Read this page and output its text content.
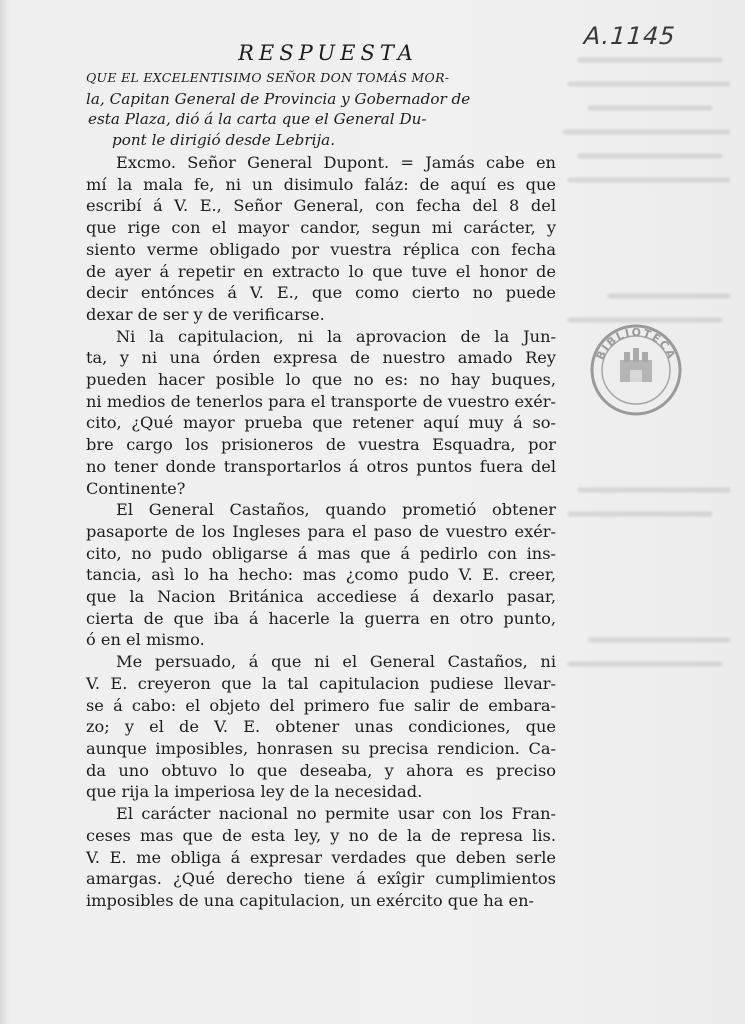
A.1145
BIBLIOTECA
RESPUESTA
QUE EL EXCELENTISIMO SEÑOR DON TOMÁS MOR-
la, Capitan General de Provincia y Gobernador de
esta Plaza, dió á la carta que el General Du-
pont le dirigió desde Lebrija.
Excmo. Señor General Dupont. = Jamás cabe en
mí la mala fe, ni un disimulo faláz: de aquí es que
escribí á V. E., Señor General, con fecha del 8 del
que rige con el mayor candor, segun mi carácter, y
siento verme obligado por vuestra réplica con fecha
de ayer á repetir en extracto lo que tuve el honor de
decir entónces á V. E., que como cierto no puede
dexar de ser y de verificarse.
Ni la capitulacion, ni la aprovacion de la Jun-
ta, y ni una órden expresa de nuestro amado Rey
pueden hacer posible lo que no es: no hay buques,
ni medios de tenerlos para el transporte de vuestro exér-
cito, ¿Qué mayor prueba que retener aquí muy á so-
bre cargo los prisioneros de vuestra Esquadra, por
no tener donde transportarlos á otros puntos fuera del
Continente?
El General Castaños, quando prometió obtener
pasaporte de los Ingleses para el paso de vuestro exér-
cito, no pudo obligarse á mas que á pedirlo con ins-
tancia, asì lo ha hecho: mas ¿como pudo V. E. creer,
que la Nacion Británica accediese á dexarlo pasar,
cierta de que iba á hacerle la guerra en otro punto,
ó en el mismo.
Me persuado, á que ni el General Castaños, ni
V. E. creyeron que la tal capitulacion pudiese llevar-
se á cabo: el objeto del primero fue salir de embara-
zo; y el de V. E. obtener unas condiciones, que
aunque imposibles, honrasen su precisa rendicion. Ca-
da uno obtuvo lo que deseaba, y ahora es preciso
que rija la imperiosa ley de la necesidad.
El carácter nacional no permite usar con los Fran-
ceses mas que de esta ley, y no de la de represa lis.
V. E. me obliga á expresar verdades que deben serle
amargas. ¿Qué derecho tiene á exîgir cumplimientos
imposibles de una capitulacion, un exército que ha en-
